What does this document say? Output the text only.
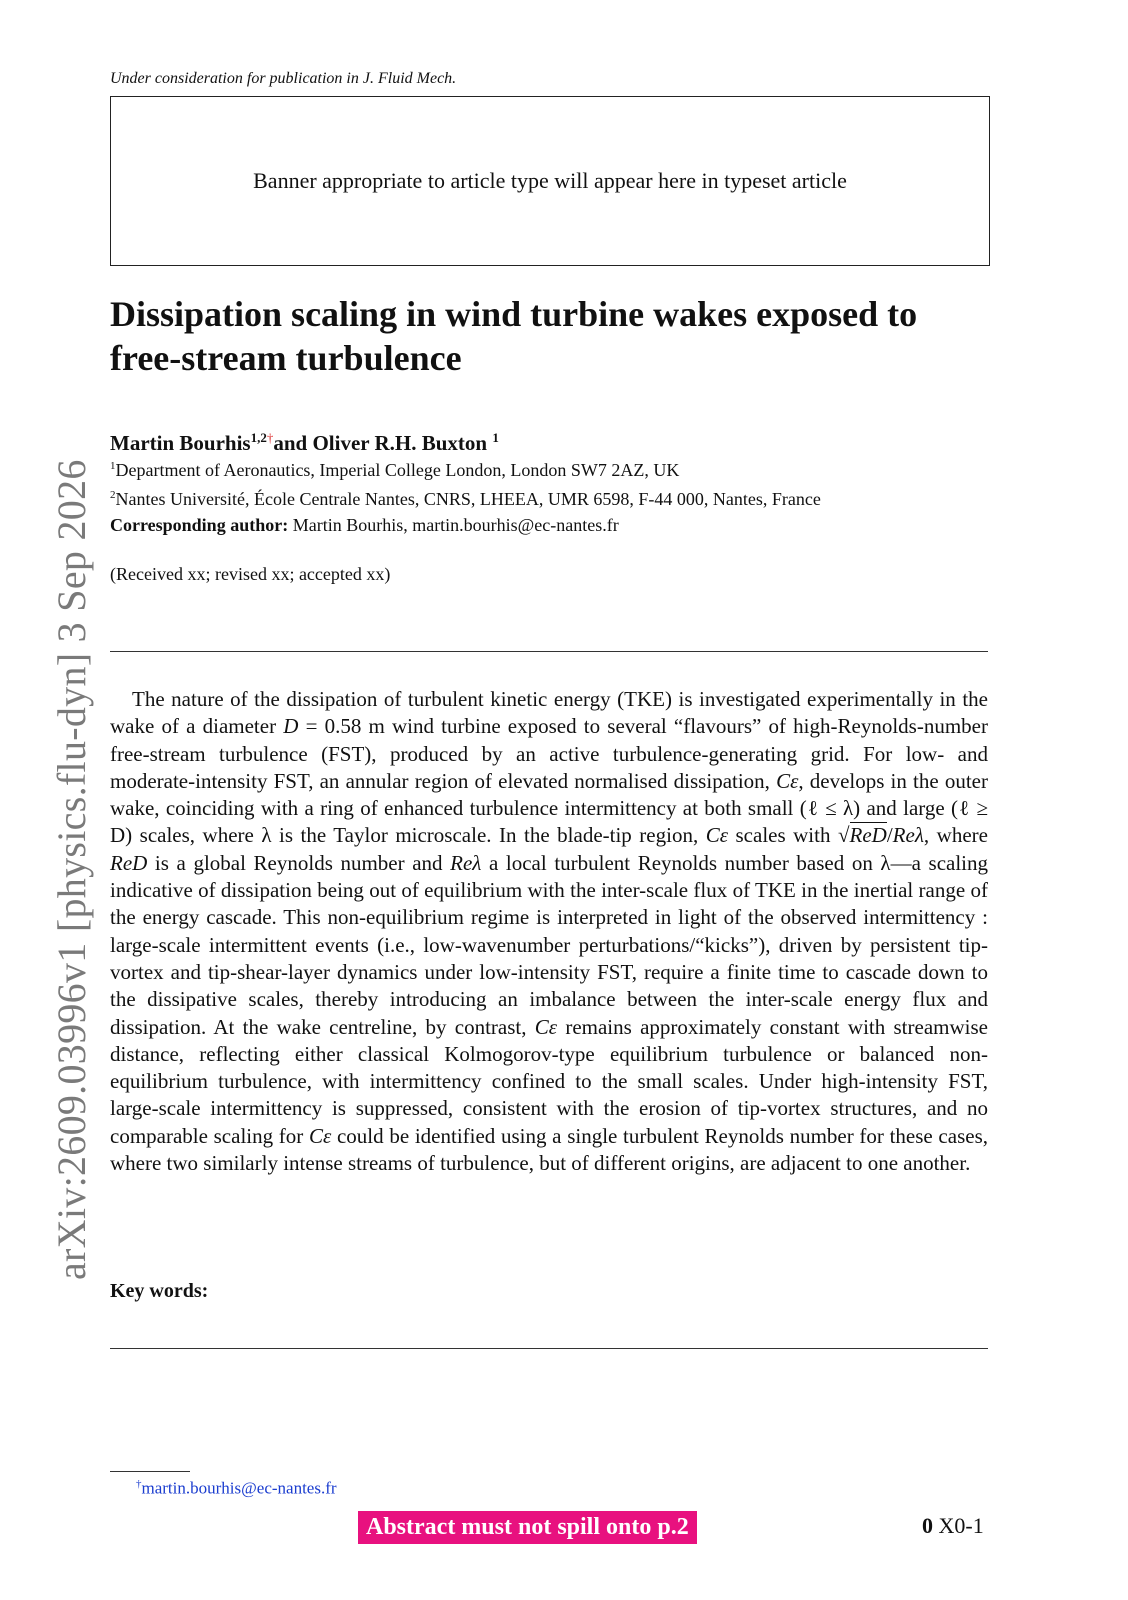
Under consideration for publication in J. Fluid Mech.
Banner appropriate to article type will appear here in typeset article
arXiv:2609.03996v1 [physics.flu-dyn] 3 Sep 2026
Dissipation scaling in wind turbine wakes exposed to free-stream turbulence
Martin Bourhis$^{1,2\dagger}$and Oliver R.H. Buxton $^1$
$^1$Department of Aeronautics, Imperial College London, London SW7 2AZ, UK
$^2$Nantes Université, École Centrale Nantes, CNRS, LHEEA, UMR 6598, F-44 000, Nantes, France
Corresponding author: Martin Bourhis, martin.bourhis@ec-nantes.fr
(Received xx; revised xx; accepted xx)
The nature of the dissipation of turbulent kinetic energy (TKE) is investigated experimentally in the wake of a diameter D = 0.58 m wind turbine exposed to several “flavours” of high-Reynolds-number free-stream turbulence (FST), produced by an active turbulence-generating grid. For low- and moderate-intensity FST, an annular region of elevated normalised dissipation, Cε, develops in the outer wake, coinciding with a ring of enhanced turbulence intermittency at both small (ℓ ≤ λ) and large (ℓ ≥ D) scales, where λ is the Taylor microscale. In the blade-tip region, Cε scales with √ReD/Reλ, where ReD is a global Reynolds number and Reλ a local turbulent Reynolds number based on λ—a scaling indicative of dissipation being out of equilibrium with the inter-scale flux of TKE in the inertial range of the energy cascade. This non-equilibrium regime is interpreted in light of the observed intermittency : large-scale intermittent events (i.e., low-wavenumber perturbations/“kicks”), driven by persistent tip-vortex and tip-shear-layer dynamics under low-intensity FST, require a finite time to cascade down to the dissipative scales, thereby introducing an imbalance between the inter-scale energy flux and dissipation. At the wake centreline, by contrast, Cε remains approximately constant with streamwise distance, reflecting either classical Kolmogorov-type equilibrium turbulence or balanced non-equilibrium turbulence, with intermittency confined to the small scales. Under high-intensity FST, large-scale intermittency is suppressed, consistent with the erosion of tip-vortex structures, and no comparable scaling for Cε could be identified using a single turbulent Reynolds number for these cases, where two similarly intense streams of turbulence, but of different origins, are adjacent to one another.
Key words:
†martin.bourhis@ec-nantes.fr
Abstract must not spill onto p.2	0 X0-1
